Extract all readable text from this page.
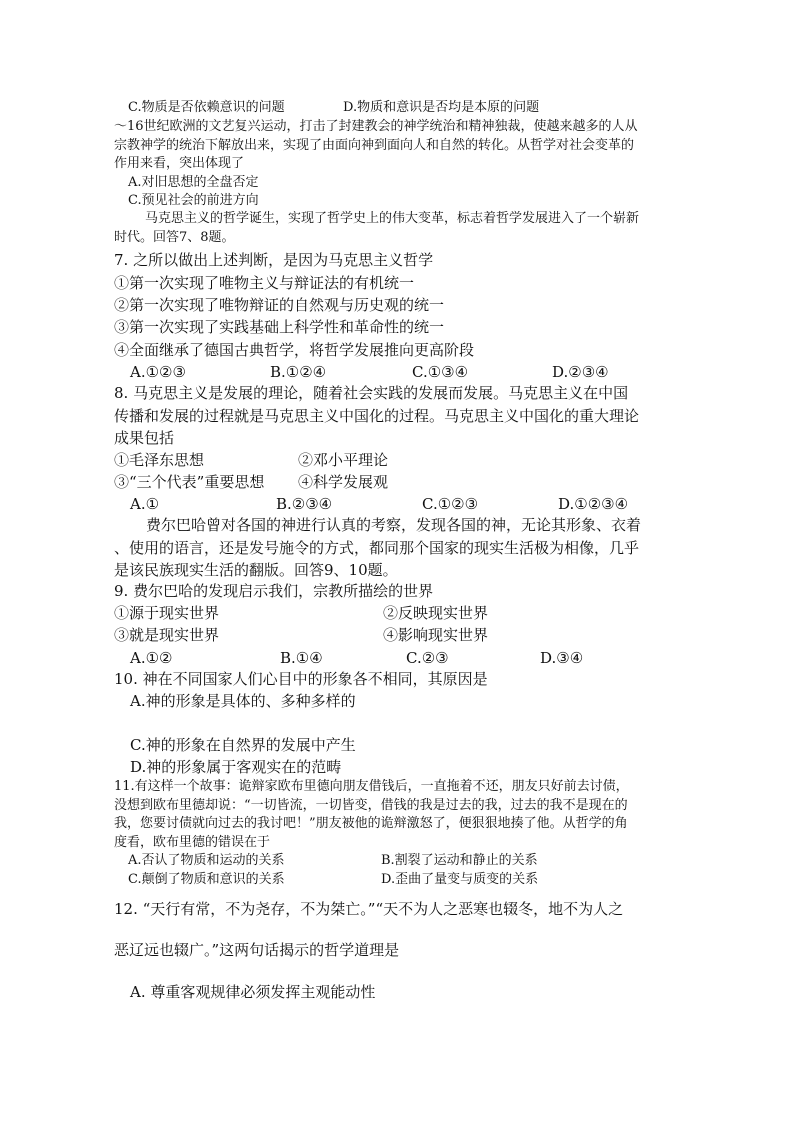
C.物质是否依赖意识的问题	D.物质和意识是否均是本原的问题
～16世纪欧洲的文艺复兴运动，打击了封建教会的神学统治和精神独裁，使越来越多的人从
宗教神学的统治下解放出来，实现了由面向神到面向人和自然的转化。从哲学对社会变革的
作用来看，突出体现了
A.对旧思想的全盘否定
C.预见社会的前进方向
马克思主义的哲学诞生，实现了哲学史上的伟大变革，标志着哲学发展进入了一个崭新
时代。回答7、8题。
7. 之所以做出上述判断，是因为马克思主义哲学
①第一次实现了唯物主义与辩证法的有机统一
②第一次实现了唯物辩证的自然观与历史观的统一
③第一次实现了实践基础上科学性和革命性的统一
④全面继承了德国古典哲学，将哲学发展推向更高阶段
A.①②③	B.①②④	C.①③④	D.②③④
8. 马克思主义是发展的理论，随着社会实践的发展而发展。马克思主义在中国
传播和发展的过程就是马克思主义中国化的过程。马克思主义中国化的重大理论
成果包括
①毛泽东思想	②邓小平理论
③“三个代表”重要思想 ④科学发展观
A.①	B.②③④	C.①②③	D.①②③④
费尔巴哈曾对各国的神进行认真的考察，发现各国的神，无论其形象、衣着
、使用的语言，还是发号施令的方式，都同那个国家的现实生活极为相像，几乎
是该民族现实生活的翻版。回答9、10题。
9. 费尔巴哈的发现启示我们，宗教所描绘的世界
①源于现实世界	②反映现实世界
③就是现实世界	④影响现实世界
A.①②	B.①④	C.②③	D.③④
10. 神在不同国家人们心目中的形象各不相同，其原因是
A.神的形象是具体的、多种多样的
C.神的形象在自然界的发展中产生
D.神的形象属于客观实在的范畴
11.有这样一个故事：诡辩家欧布里德向朋友借钱后，一直拖着不还，朋友只好前去讨债，
没想到欧布里德却说：“一切皆流，一切皆变，借钱的我是过去的我，过去的我不是现在的
我，您要讨债就向过去的我讨吧！”朋友被他的诡辩激怒了，便狠狠地揍了他。从哲学的角
度看，欧布里德的错误在于
A.否认了物质和运动的关系	B.割裂了运动和静止的关系
C.颠倒了物质和意识的关系	D.歪曲了量变与质变的关系
12. “天行有常，不为尧存，不为桀亡。”“天不为人之恶寒也辍冬，地不为人之
恶辽远也辍广。”这两句话揭示的哲学道理是
A. 尊重客观规律必须发挥主观能动性
